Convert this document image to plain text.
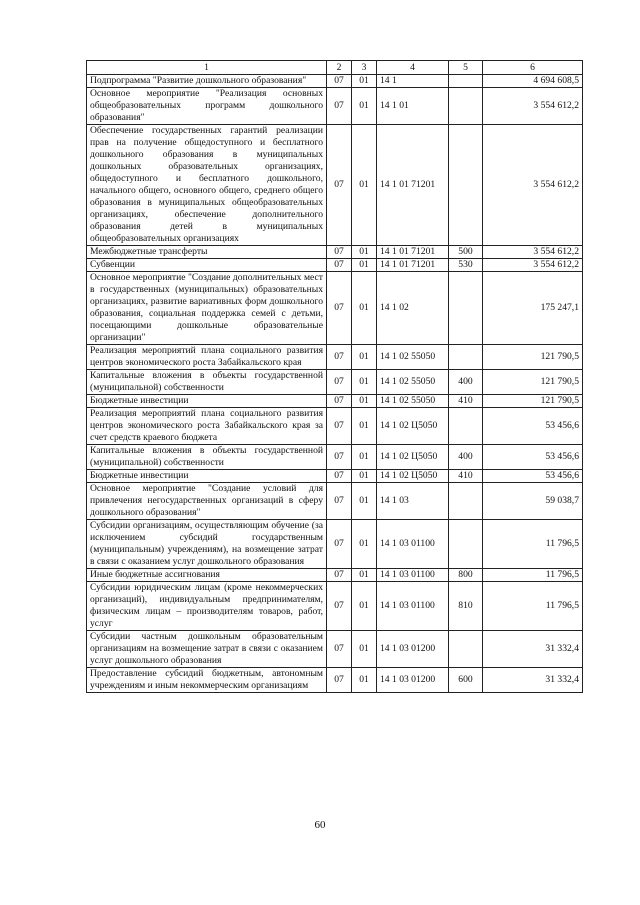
1	2	3	4	5	6
Подпрограмма "Развитие дошкольного образования"	07	01	14 1		4 694 608,5
Основное мероприятие "Реализация основных общеобразовательных программ дошкольного образования"	07	01	14 1 01		3 554 612,2
Обеспечение государственных гарантий реализации прав на получение общедоступного и бесплатного дошкольного образования в муниципальных дошкольных образовательных организациях, общедоступного и бесплатного дошкольного, начального общего, основного общего, среднего общего образования в муниципальных общеобразовательных организациях, обеспечение дополнительного образования детей в муниципальных общеобразовательных организациях	07	01	14 1 01 71201		3 554 612,2
Межбюджетные трансферты	07	01	14 1 01 71201	500	3 554 612,2
Субвенции	07	01	14 1 01 71201	530	3 554 612,2
Основное мероприятие "Создание дополнительных мест в государственных (муниципальных) образовательных организациях, развитие вариативных форм дошкольного образования, социальная поддержка семей с детьми, посещающими дошкольные образовательные организации"	07	01	14 1 02		175 247,1
Реализация мероприятий плана социального развития центров экономического роста Забайкальского края	07	01	14 1 02 55050		121 790,5
Капитальные вложения в объекты государственной (муниципальной) собственности	07	01	14 1 02 55050	400	121 790,5
Бюджетные инвестиции	07	01	14 1 02 55050	410	121 790,5
Реализация мероприятий плана социального развития центров экономического роста Забайкальского края за счет средств краевого бюджета	07	01	14 1 02 Ц5050		53 456,6
Капитальные вложения в объекты государственной (муниципальной) собственности	07	01	14 1 02 Ц5050	400	53 456,6
Бюджетные инвестиции	07	01	14 1 02 Ц5050	410	53 456,6
Основное мероприятие "Создание условий для привлечения негосударственных организаций в сферу дошкольного образования"	07	01	14 1 03		59 038,7
Субсидии организациям, осуществляющим обучение (за исключением субсидий государственным (муниципальным) учреждениям), на возмещение затрат в связи с оказанием услуг дошкольного образования	07	01	14 1 03 01100		11 796,5
Иные бюджетные ассигнования	07	01	14 1 03 01100	800	11 796,5
Субсидии юридическим лицам (кроме некоммерческих организаций), индивидуальным предпринимателям, физическим лицам – производителям товаров, работ, услуг	07	01	14 1 03 01100	810	11 796,5
Субсидии частным дошкольным образовательным организациям на возмещение затрат в связи с оказанием услуг дошкольного образования	07	01	14 1 03 01200		31 332,4
Предоставление субсидий бюджетным, автономным учреждениям и иным некоммерческим организациям	07	01	14 1 03 01200	600	31 332,4
60
